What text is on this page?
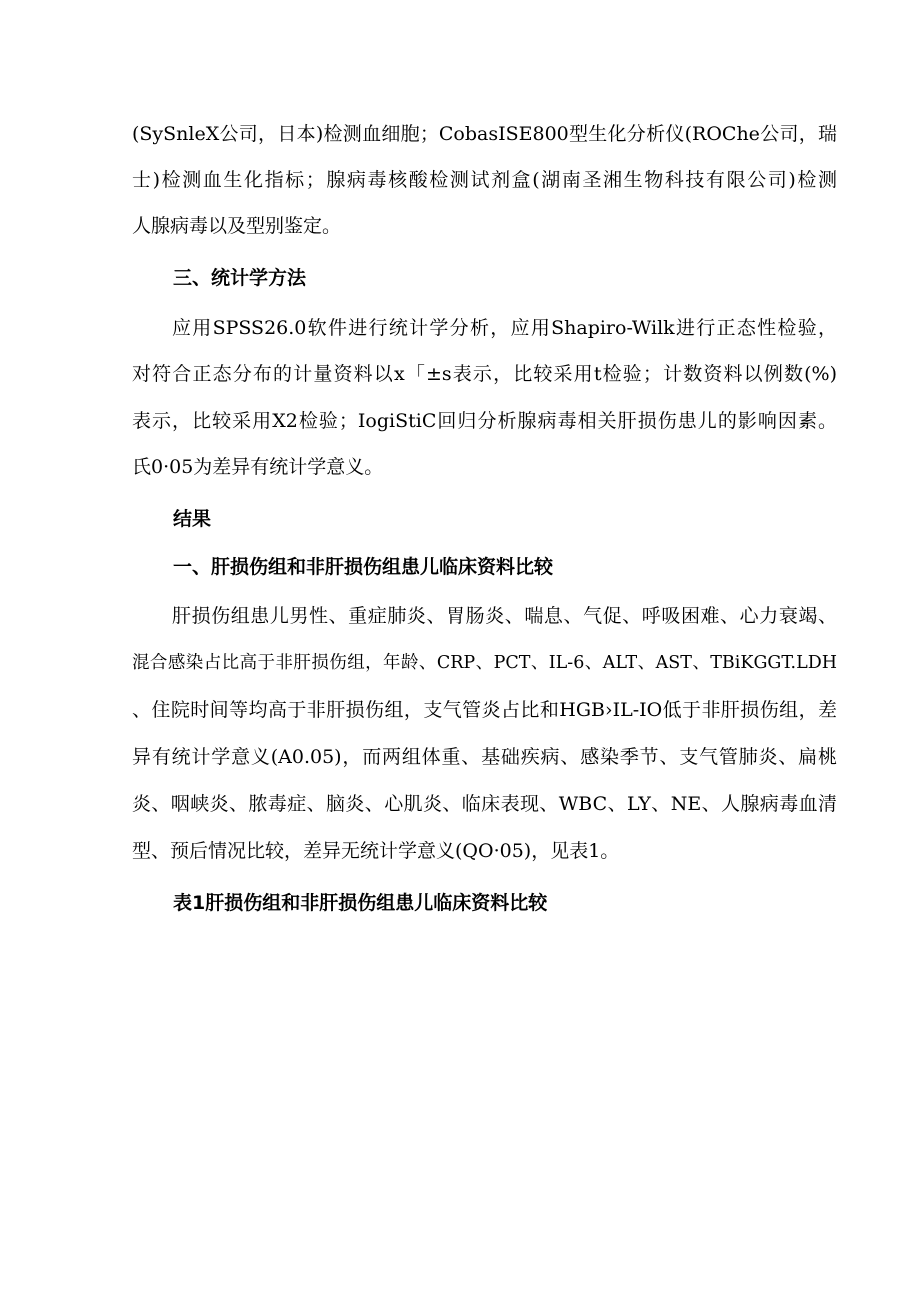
(SySnleX公司，日本)检测血细胞；CobasISE800型生化分析仪(ROChe公司，瑞
士)检测血生化指标；腺病毒核酸检测试剂盒(湖南圣湘生物科技有限公司)检测
人腺病毒以及型别鉴定。
三、统计学方法
应用SPSS26.0软件进行统计学分析，应用Shapiro-Wilk进行正态性检验，
对符合正态分布的计量资料以x「±s表示，比较采用t检验；计数资料以例数(%)
表示，比较采用X2检验；IogiStiC回归分析腺病毒相关肝损伤患儿的影响因素。
氏0·05为差异有统计学意义。
结果
一、肝损伤组和非肝损伤组患儿临床资料比较
肝损伤组患儿男性、重症肺炎、胃肠炎、喘息、气促、呼吸困难、心力衰竭、
混合感染占比高于非肝损伤组，年龄、CRP、PCT、IL-6、ALT、AST、TBiKGGT.LDH
、住院时间等均高于非肝损伤组，支气管炎占比和HGB›IL-IO低于非肝损伤组，差
异有统计学意义(A0.05)，而两组体重、基础疾病、感染季节、支气管肺炎、扁桃
炎、咽峡炎、脓毒症、脑炎、心肌炎、临床表现、WBC、LY、NE、人腺病毒血清
型、预后情况比较，差异无统计学意义(QO·05)，见表1。
表1肝损伤组和非肝损伤组患儿临床资料比较
